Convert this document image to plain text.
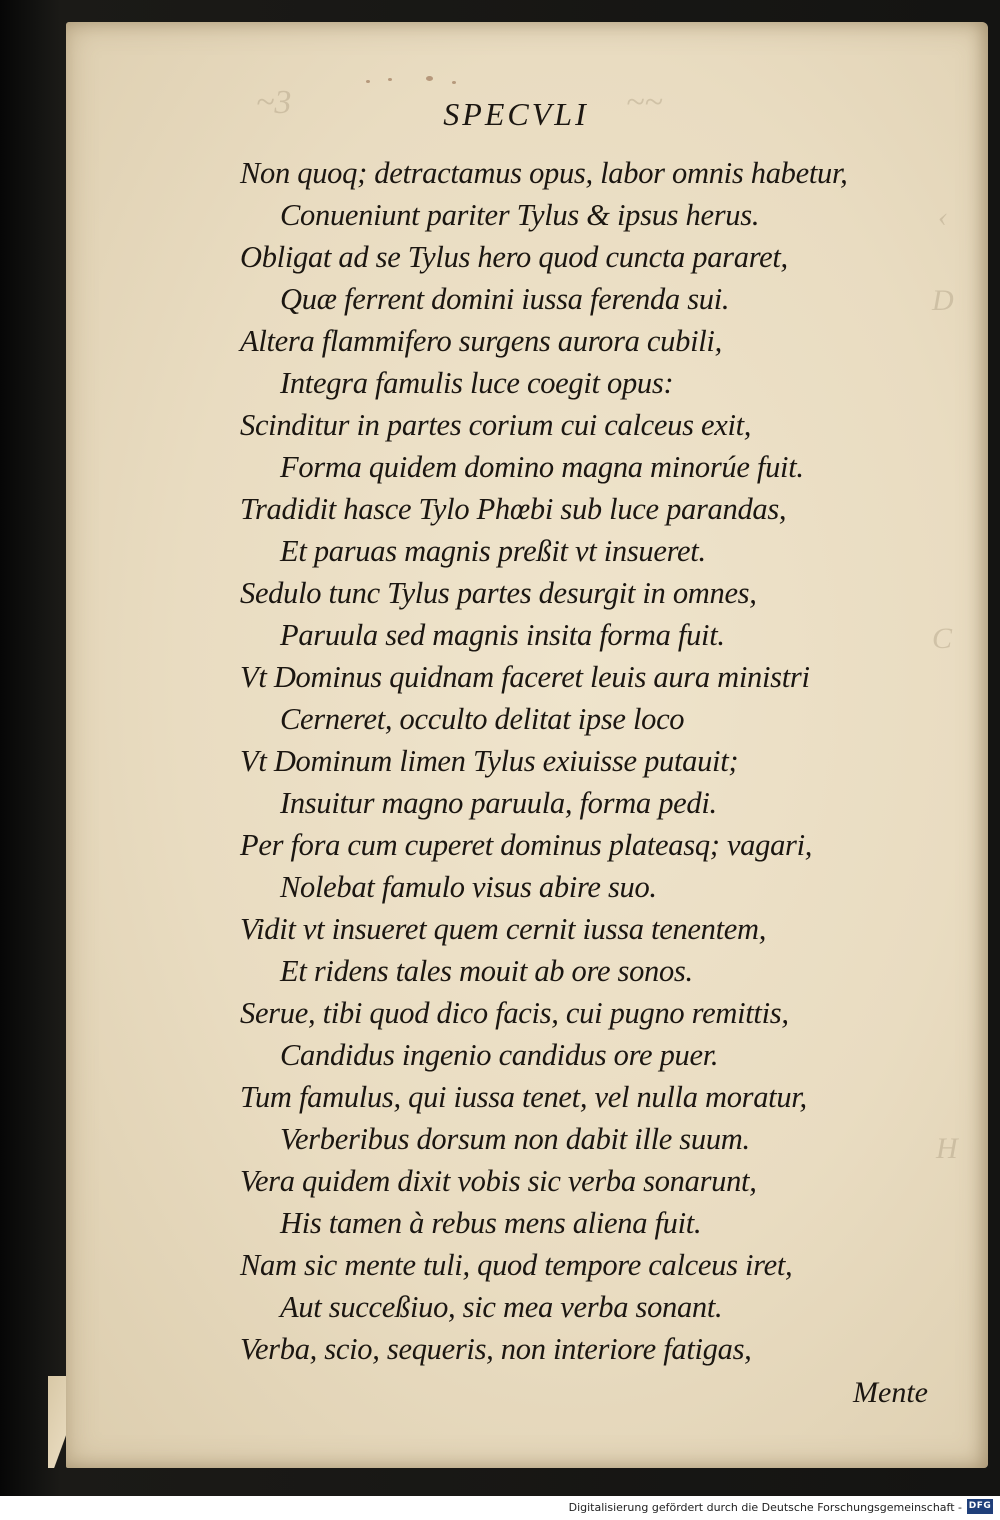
~3	~~
‹
D
C
H
SPECVLI
Non quoq; detractamus opus, labor omnis habetur,
Conueniunt pariter Tylus & ipsus herus.
Obligat ad se Tylus hero quod cuncta pararet,
Quæ ferrent domini iussa ferenda sui.
Altera flammifero surgens aurora cubili,
Integra famulis luce coegit opus:
Scinditur in partes corium cui calceus exit,
Forma quidem domino magna minorúe fuit.
Tradidit hasce Tylo Phœbi sub luce parandas,
Et paruas magnis preßit vt insueret.
Sedulo tunc Tylus partes desurgit in omnes,
Paruula sed magnis insita forma fuit.
Vt Dominus quidnam faceret leuis aura ministri
Cerneret, occulto delitat ipse loco
Vt Dominum limen Tylus exiuisse putauit;
Insuitur magno paruula, forma pedi.
Per fora cum cuperet dominus plateasq; vagari,
Nolebat famulo visus abire suo.
Vidit vt insueret quem cernit iussa tenentem,
Et ridens tales mouit ab ore sonos.
Serue, tibi quod dico facis, cui pugno remittis,
Candidus ingenio candidus ore puer.
Tum famulus, qui iussa tenet, vel nulla moratur,
Verberibus dorsum non dabit ille suum.
Vera quidem dixit vobis sic verba sonarunt,
His tamen à rebus mens aliena fuit.
Nam sic mente tuli, quod tempore calceus iret,
Aut succeßiuo, sic mea verba sonant.
Verba, scio, sequeris, non interiore fatigas,
Mente
Digitalisierung gefördert durch die Deutsche Forschungsgemeinschaft - DFG
